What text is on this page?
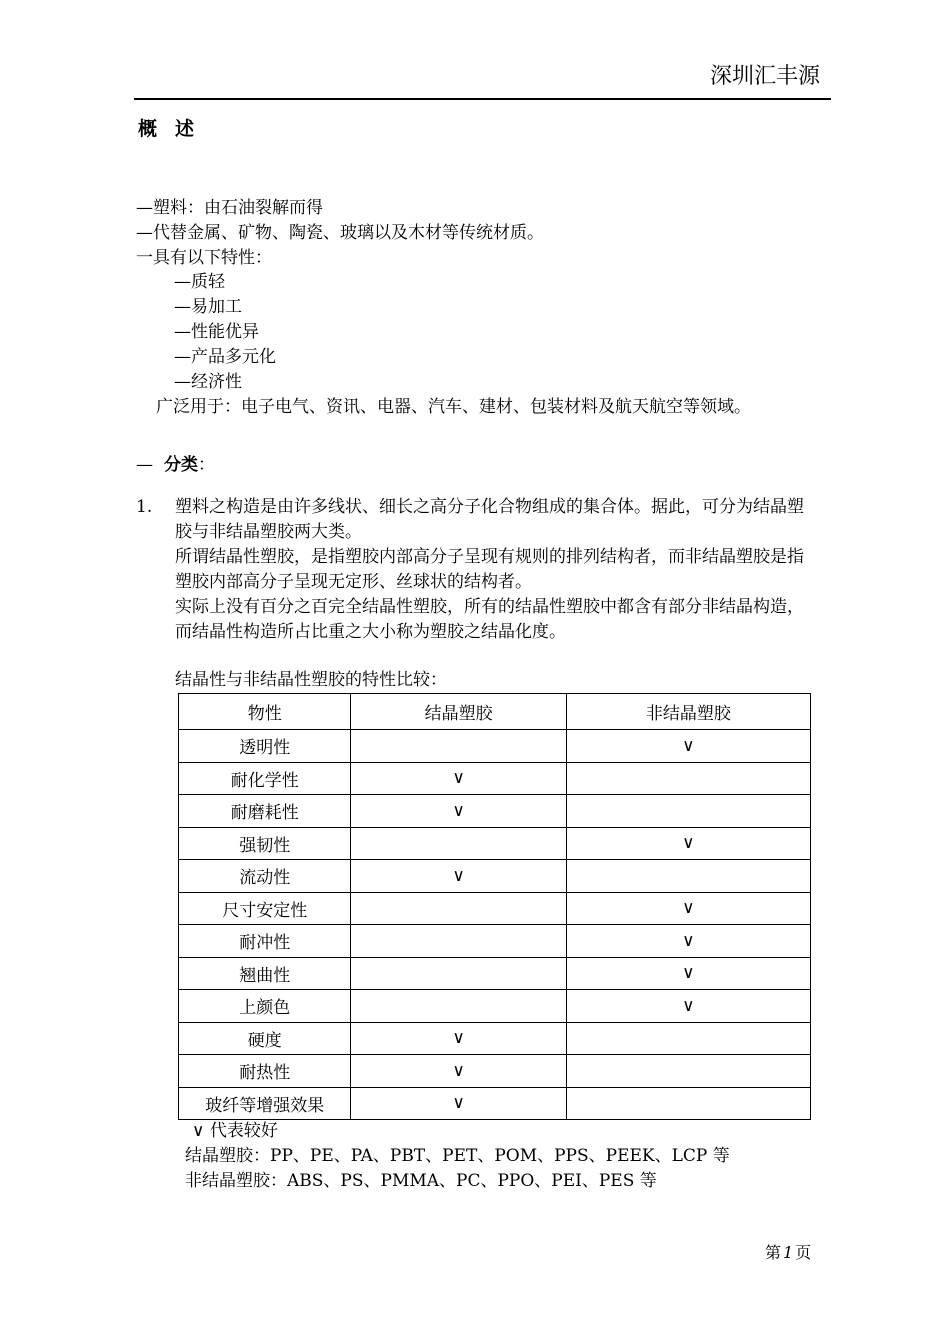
深圳汇丰源
概述
—塑料：由石油裂解而得
—代替金属、矿物、陶瓷、玻璃以及木材等传统材质。
一具有以下特性：
—质轻
—易加工
—性能优异
—产品多元化
—经济性
广泛用于：电子电气、资讯、电器、汽车、建材、包装材料及航天航空等领域。
— 分类：
1. 塑料之构造是由许多线状、细长之高分子化合物组成的集合体。据此，可分为结晶塑胶与非结晶塑胶两大类。
所谓结晶性塑胶，是指塑胶内部高分子呈现有规则的排列结构者，而非结晶塑胶是指塑胶内部高分子呈现无定形、丝球状的结构者。
实际上没有百分之百完全结晶性塑胶，所有的结晶性塑胶中都含有部分非结晶构造，而结晶性构造所占比重之大小称为塑胶之结晶化度。
结晶性与非结晶性塑胶的特性比较：
物性	结晶塑胶	非结晶塑胶
透明性		∨
耐化学性	∨	
耐磨耗性	∨	
强韧性		∨
流动性	∨	
尺寸安定性		∨
耐冲性		∨
翘曲性		∨
上颜色		∨
硬度	∨	
耐热性	∨	
玻纤等增强效果	∨	
∨ 代表较好
结晶塑胶：PP、PE、PA、PBT、PET、POM、PPS、PEEK、LCP 等
非结晶塑胶：ABS、PS、PMMA、PC、PPO、PEI、PES 等
第 1 页
